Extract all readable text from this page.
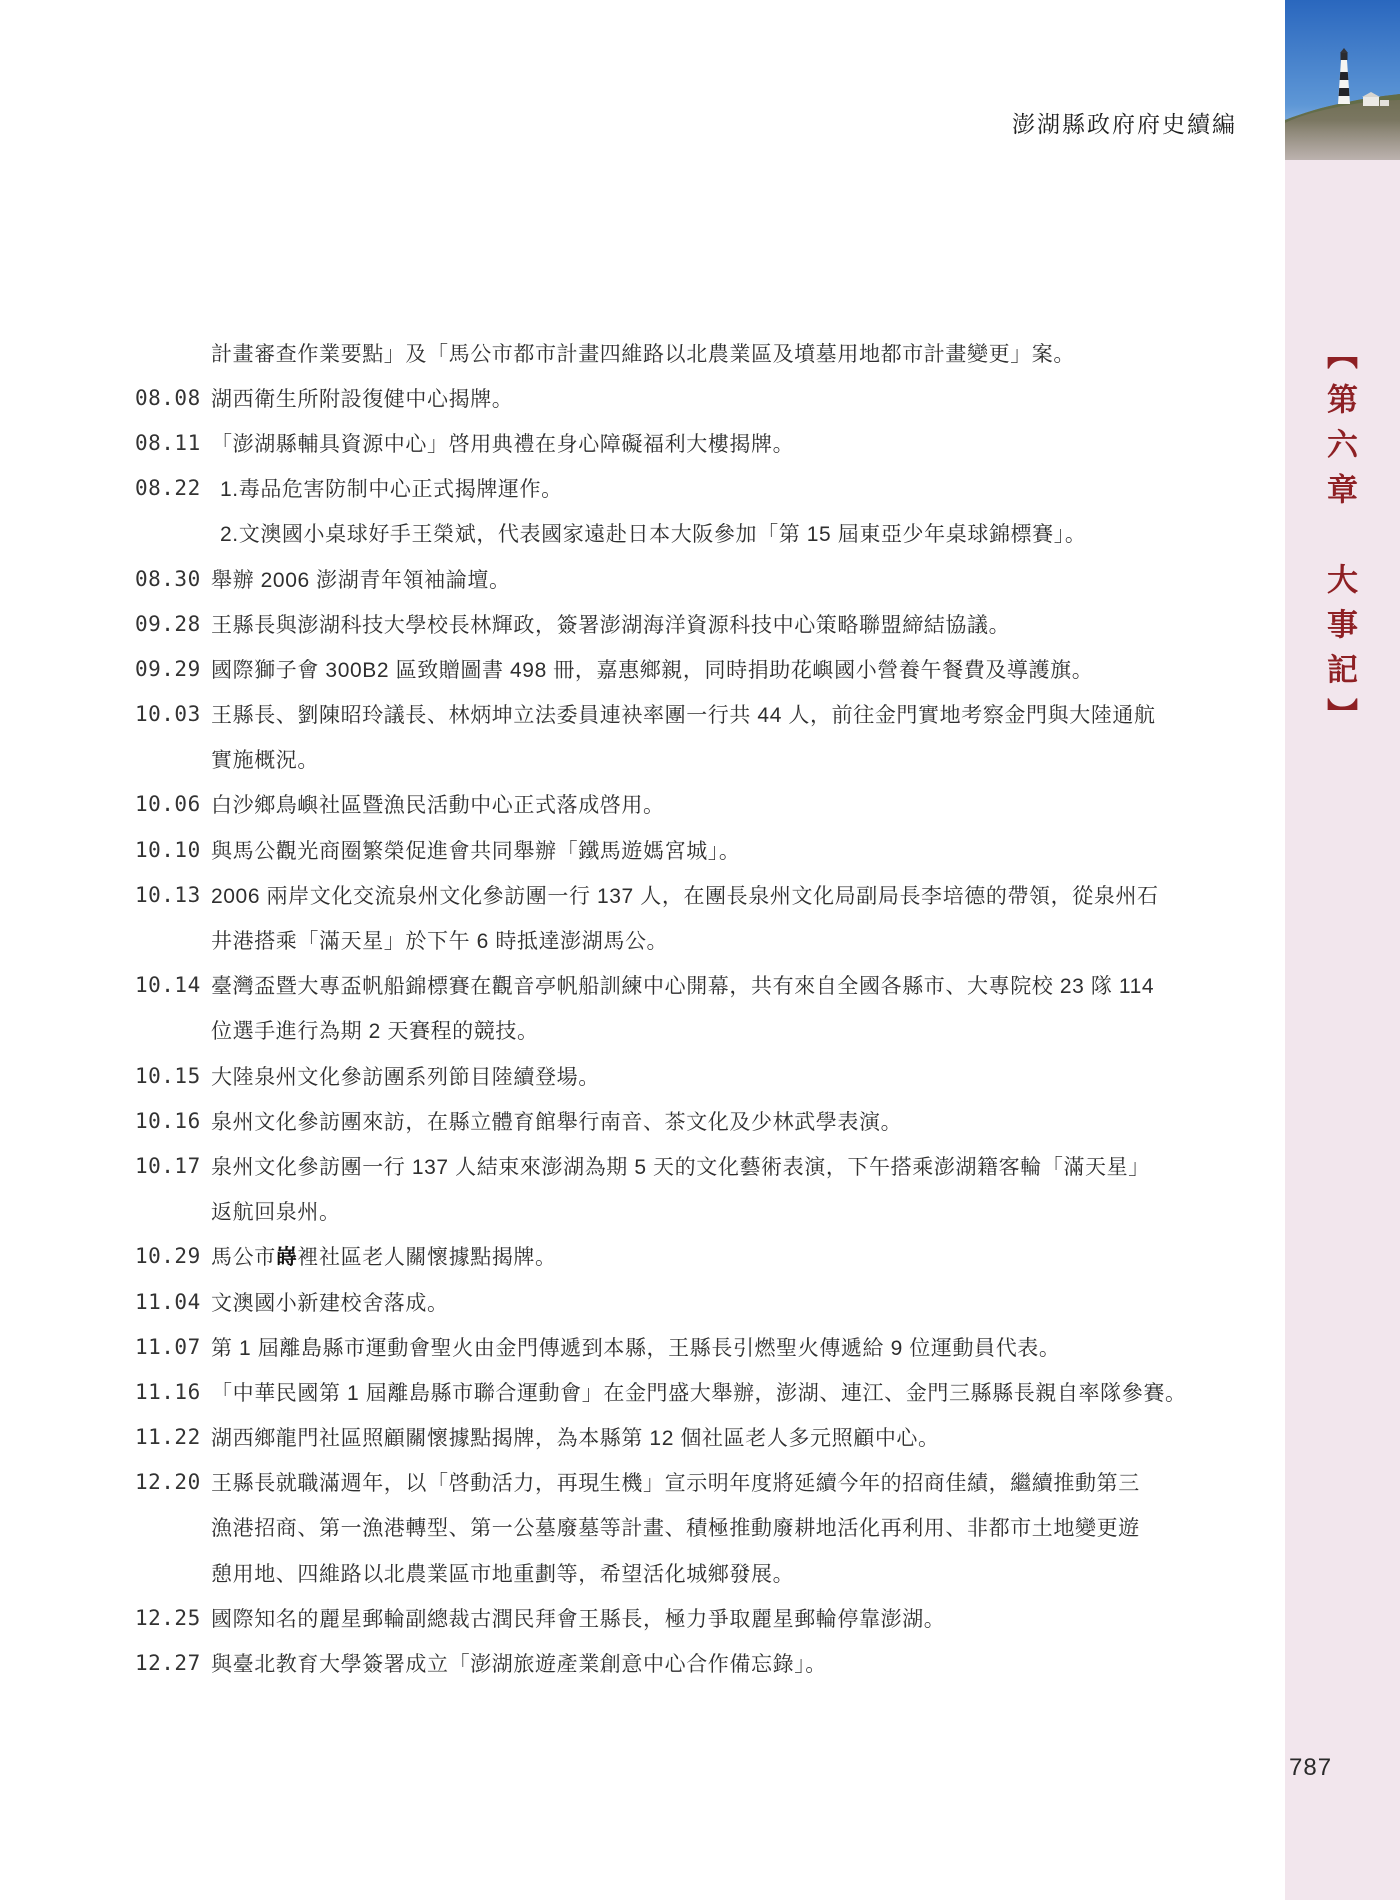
【第六章　大事記】
澎湖縣政府府史續編
計畫審查作業要點」及「馬公市都市計畫四維路以北農業區及墳墓用地都市計畫變更」案。
08.08 湖西衛生所附設復健中心揭牌。
08.11 「澎湖縣輔具資源中心」啓用典禮在身心障礙福利大樓揭牌。
08.22 1.毒品危害防制中心正式揭牌運作。
2.文澳國小桌球好手王榮斌，代表國家遠赴日本大阪參加「第 15 屆東亞少年桌球錦標賽」。
08.30 舉辦 2006 澎湖青年領袖論壇。
09.28 王縣長與澎湖科技大學校長林輝政，簽署澎湖海洋資源科技中心策略聯盟締結協議。
09.29 國際獅子會 300B2 區致贈圖書 498 冊，嘉惠鄉親，同時捐助花嶼國小營養午餐費及導護旗。
10.03 王縣長、劉陳昭玲議長、林炳坤立法委員連袂率團一行共 44 人，前往金門實地考察金門與大陸通航
實施概況。
10.06 白沙鄉鳥嶼社區暨漁民活動中心正式落成啓用。
10.10 與馬公觀光商圈繁榮促進會共同舉辦「鐵馬遊媽宮城」。
10.13 2006 兩岸文化交流泉州文化參訪團一行 137 人，在團長泉州文化局副局長李培德的帶領，從泉州石
井港搭乘「滿天星」於下午 6 時抵達澎湖馬公。
10.14 臺灣盃暨大專盃帆船錦標賽在觀音亭帆船訓練中心開幕，共有來自全國各縣市、大專院校 23 隊 114
位選手進行為期 2 天賽程的競技。
10.15 大陸泉州文化參訪團系列節目陸續登場。
10.16 泉州文化參訪團來訪，在縣立體育館舉行南音、茶文化及少林武學表演。
10.17 泉州文化參訪團一行 137 人結束來澎湖為期 5 天的文化藝術表演，下午搭乘澎湖籍客輪「滿天星」
返航回泉州。
10.29 馬公市嵵裡社區老人關懷據點揭牌。
11.04 文澳國小新建校舍落成。
11.07 第 1 屆離島縣市運動會聖火由金門傳遞到本縣，王縣長引燃聖火傳遞給 9 位運動員代表。
11.16 「中華民國第 1 屆離島縣市聯合運動會」在金門盛大舉辦，澎湖、連江、金門三縣縣長親自率隊參賽。
11.22 湖西鄉龍門社區照顧關懷據點揭牌，為本縣第 12 個社區老人多元照顧中心。
12.20 王縣長就職滿週年，以「啓動活力，再現生機」宣示明年度將延續今年的招商佳績，繼續推動第三
漁港招商、第一漁港轉型、第一公墓廢墓等計畫、積極推動廢耕地活化再利用、非都市土地變更遊
憩用地、四維路以北農業區市地重劃等，希望活化城鄉發展。
12.25 國際知名的麗星郵輪副總裁古潤民拜會王縣長，極力爭取麗星郵輪停靠澎湖。
12.27 與臺北教育大學簽署成立「澎湖旅遊產業創意中心合作備忘錄」。
787
